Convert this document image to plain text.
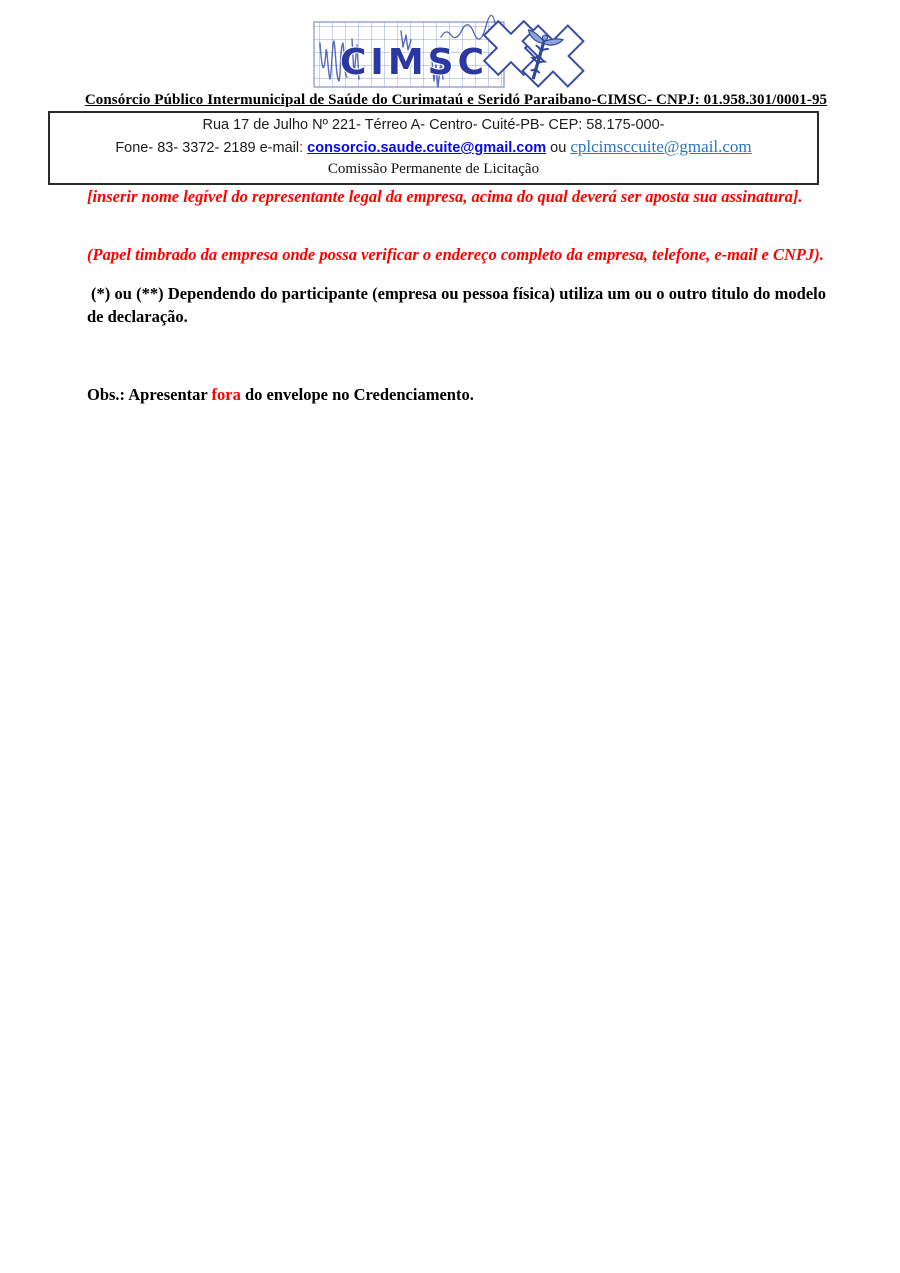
CIMSC
Consórcio Público Intermunicipal de Saúde do Curimataú e Seridó Paraibano-CIMSC- CNPJ: 01.958.301/0001-95
Rua 17 de Julho Nº 221- Térreo A- Centro- Cuité-PB- CEP: 58.175-000-
Fone- 83- 3372- 2189 e-mail: consorcio.saude.cuite@gmail.com ou cplcimsccuite@gmail.com
Comissão Permanente de Licitação

[inserir nome legível do representante legal da empresa, acima do qual deverá ser aposta sua assinatura].

(Papel timbrado da empresa onde possa verificar o endereço completo da empresa, telefone, e-mail e CNPJ).

(*) ou (**) Dependendo do participante (empresa ou pessoa física) utiliza um ou o outro titulo do modelo de declaração.

Obs.: Apresentar fora do envelope no Credenciamento.
